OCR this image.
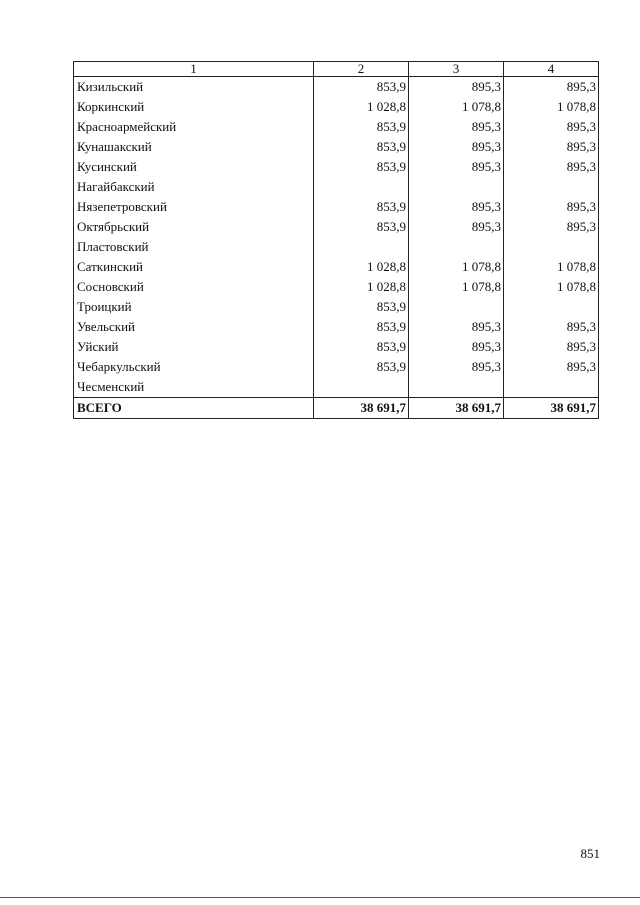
1	2	3	4
Кизильский	853,9	895,3	895,3
Коркинский	1 028,8	1 078,8	1 078,8
Красноармейский	853,9	895,3	895,3
Кунашакский	853,9	895,3	895,3
Кусинский	853,9	895,3	895,3
Нагайбакский			
Нязепетровский	853,9	895,3	895,3
Октябрьский	853,9	895,3	895,3
Пластовский			
Саткинский	1 028,8	1 078,8	1 078,8
Сосновский	1 028,8	1 078,8	1 078,8
Троицкий	853,9		
Увельский	853,9	895,3	895,3
Уйский	853,9	895,3	895,3
Чебаркульский	853,9	895,3	895,3
Чесменский			
ВСЕГО	38 691,7	38 691,7	38 691,7
851
